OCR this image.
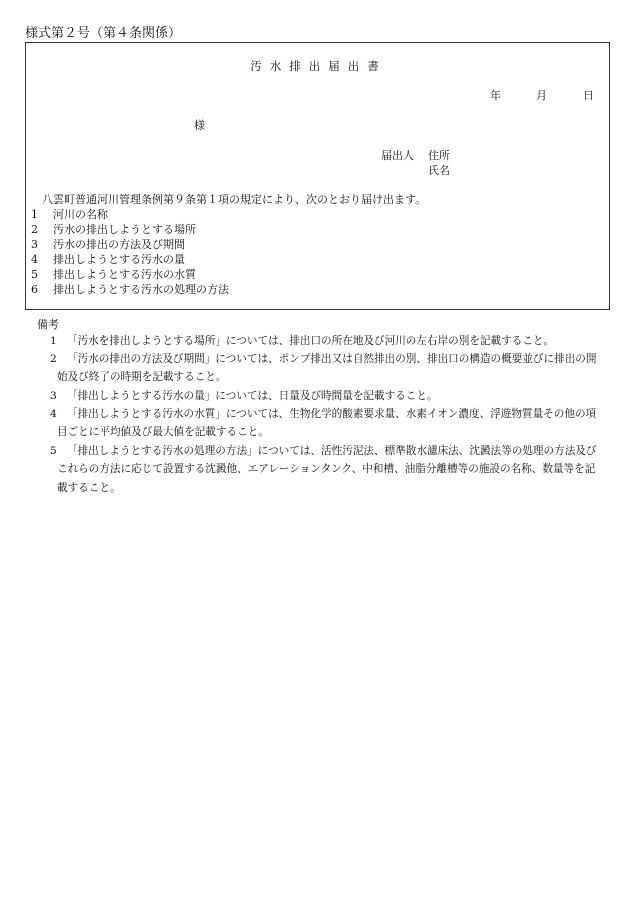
様式第２号（第４条関係）
汚水排出届出書
年	月	日
様
届出人 住所
氏名
八雲町普通河川管理条例第９条第１項の規定により、次のとおり届け出ます。
1 河川の名称
2 汚水の排出しようとする場所
3 汚水の排出の方法及び期間
4 排出しようとする汚水の量
5 排出しようとする汚水の水質
6 排出しようとする汚水の処理の方法
備考
1 「汚水を排出しようとする場所」については、排出口の所在地及び河川の左右岸の別を記載すること。
2 「汚水の排出の方法及び期間」については、ポンプ排出又は自然排出の別、排出口の構造の概要並びに排出の開始及び終了の時期を記載すること。
3 「排出しようとする汚水の量」については、日量及び時間量を記載すること。
4 「排出しようとする汚水の水質」については、生物化学的酸素要求量、水素イオン濃度、浮遊物質量その他の項目ごとに平均値及び最大値を記載すること。
5 「排出しようとする汚水の処理の方法」については、活性汚泥法、標準散水濾床法、沈澱法等の処理の方法及びこれらの方法に応じて設置する沈澱他、エアレーションタンク、中和槽、油脂分離槽等の施設の名称、数量等を記載すること。
